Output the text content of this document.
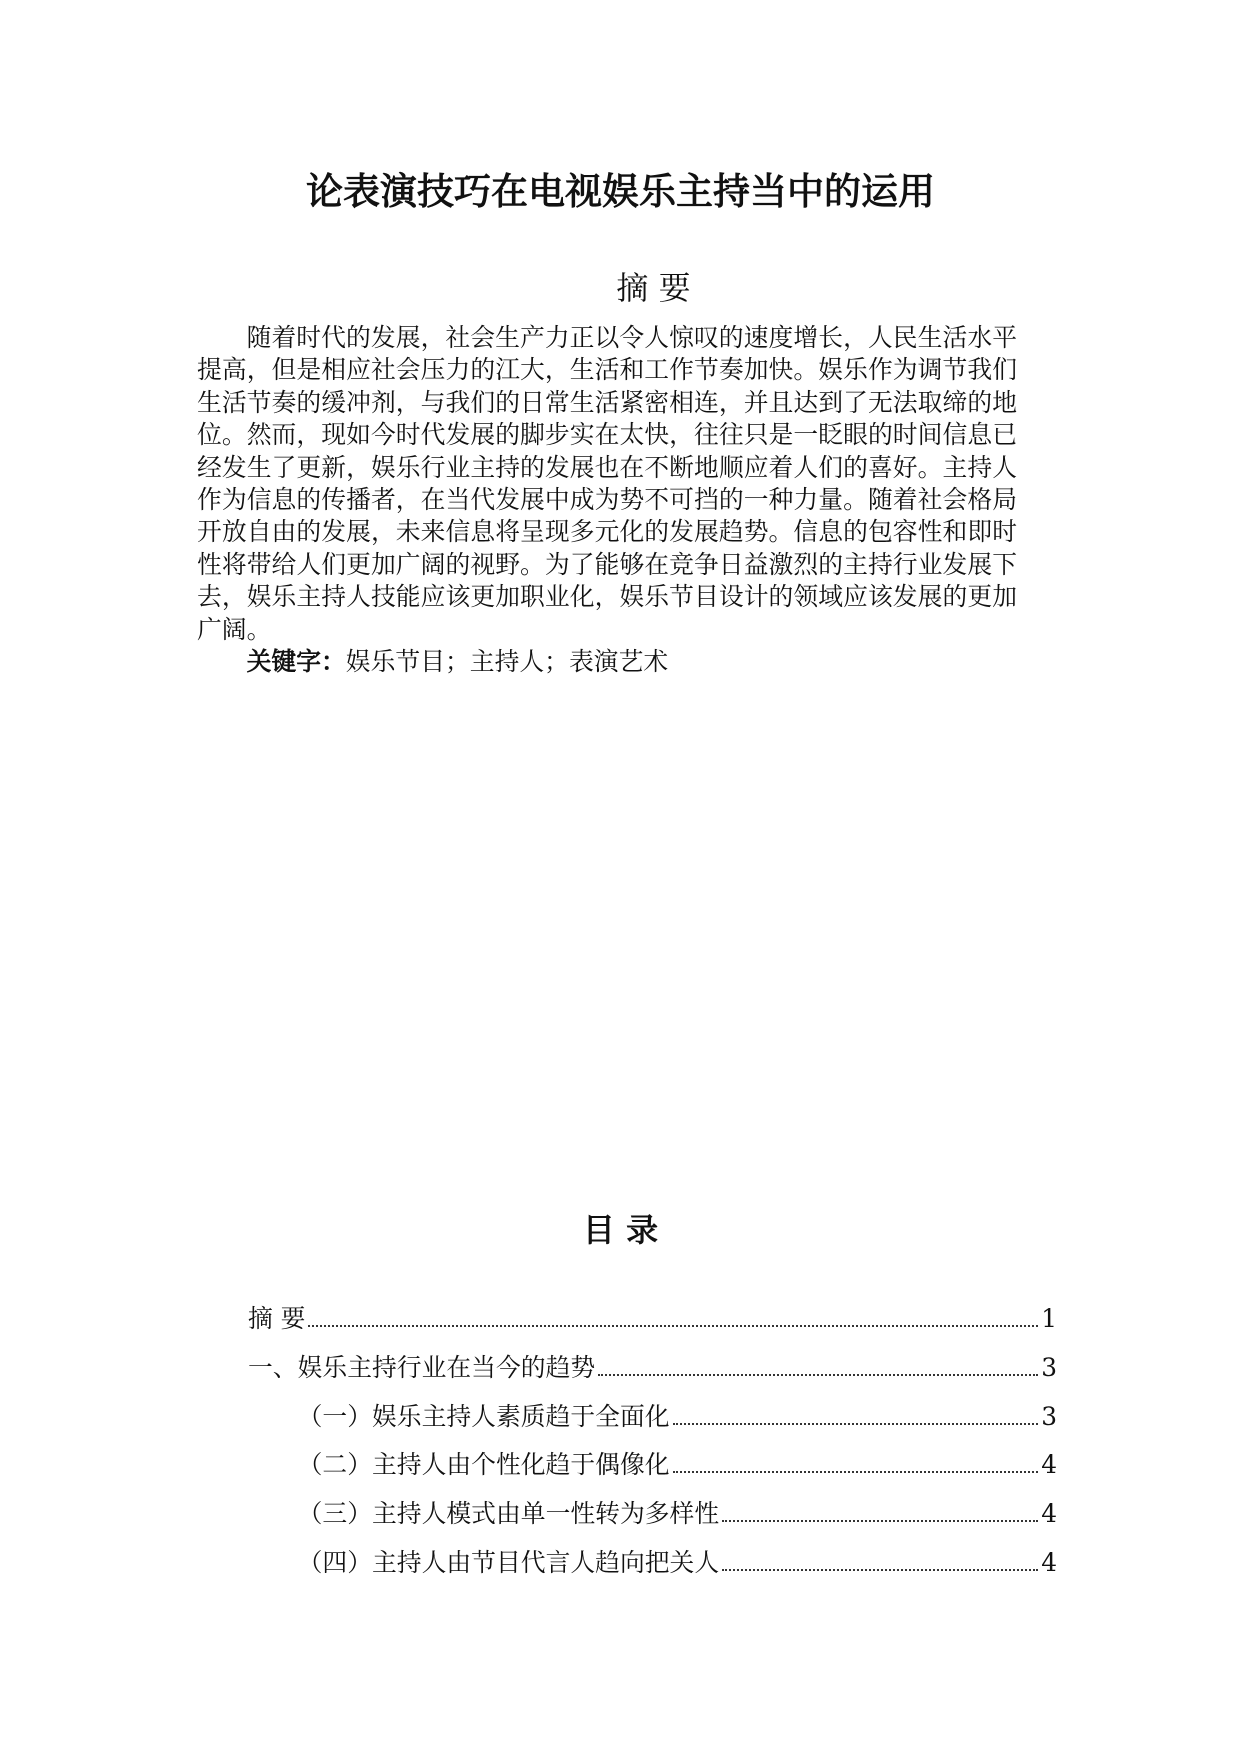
论表演技巧在电视娱乐主持当中的运用
摘 要

随着时代的发展，社会生产力正以令人惊叹的速度增长，人民生活水平提高，但是相应社会压力的江大，生活和工作节奏加快。娱乐作为调节我们生活节奏的缓冲剂，与我们的日常生活紧密相连，并且达到了无法取缔的地位。然而，现如今时代发展的脚步实在太快，往往只是一眨眼的时间信息已经发生了更新，娱乐行业主持的发展也在不断地顺应着人们的喜好。主持人作为信息的传播者，在当代发展中成为势不可挡的一种力量。随着社会格局开放自由的发展，未来信息将呈现多元化的发展趋势。信息的包容性和即时性将带给人们更加广阔的视野。为了能够在竞争日益激烈的主持行业发展下去，娱乐主持人技能应该更加职业化，娱乐节目设计的领域应该发展的更加广阔。

关键字：娱乐节目；主持人；表演艺术

目 录
摘 要	1
一、娱乐主持行业在当今的趋势	3
（一）娱乐主持人素质趋于全面化	3
（二）主持人由个性化趋于偶像化	4
（三）主持人模式由单一性转为多样性	4
（四）主持人由节目代言人趋向把关人	4
